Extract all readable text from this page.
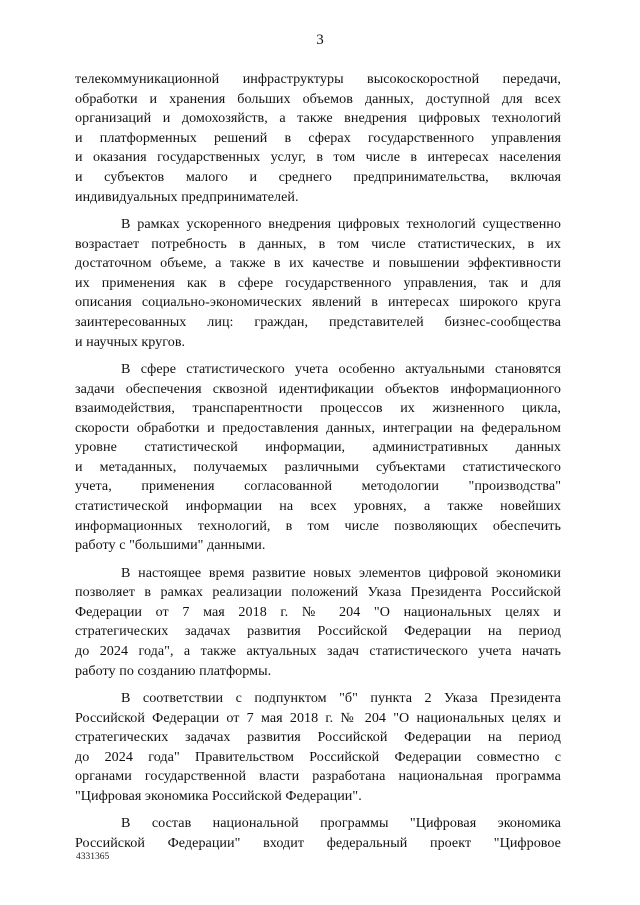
3

телекоммуникационной инфраструктуры высокоскоростной передачи,
обработки и хранения больших объемов данных, доступной для всех
организаций и домохозяйств, а также внедрения цифровых технологий
и платформенных решений в сферах государственного управления
и оказания государственных услуг, в том числе в интересах населения
и субъектов малого и среднего предпринимательства, включая
индивидуальных предпринимателей.

В рамках ускоренного внедрения цифровых технологий существенно
возрастает потребность в данных, в том числе статистических, в их
достаточном объеме, а также в их качестве и повышении эффективности
их применения как в сфере государственного управления, так и для
описания социально-экономических явлений в интересах широкого круга
заинтересованных лиц: граждан, представителей бизнес-сообщества
и научных кругов.

В сфере статистического учета особенно актуальными становятся
задачи обеспечения сквозной идентификации объектов информационного
взаимодействия, транспарентности процессов их жизненного цикла,
скорости обработки и предоставления данных, интеграции на федеральном
уровне статистической информации, административных данных
и метаданных, получаемых различными субъектами статистического
учета, применения согласованной методологии "производства"
статистической информации на всех уровнях, а также новейших
информационных технологий, в том числе позволяющих обеспечить
работу с "большими" данными.

В настоящее время развитие новых элементов цифровой экономики
позволяет в рамках реализации положений Указа Президента Российской
Федерации от 7 мая 2018 г. № 204 "О национальных целях и
стратегических задачах развития Российской Федерации на период
до 2024 года", а также актуальных задач статистического учета начать
работу по созданию платформы.

В соответствии с подпунктом "б" пункта 2 Указа Президента
Российской Федерации от 7 мая 2018 г. № 204 "О национальных целях и
стратегических задачах развития Российской Федерации на период
до 2024 года" Правительством Российской Федерации совместно с
органами государственной власти разработана национальная программа
"Цифровая экономика Российской Федерации".

В состав национальной программы "Цифровая экономика
Российской Федерации" входит федеральный проект "Цифровое

4331365
